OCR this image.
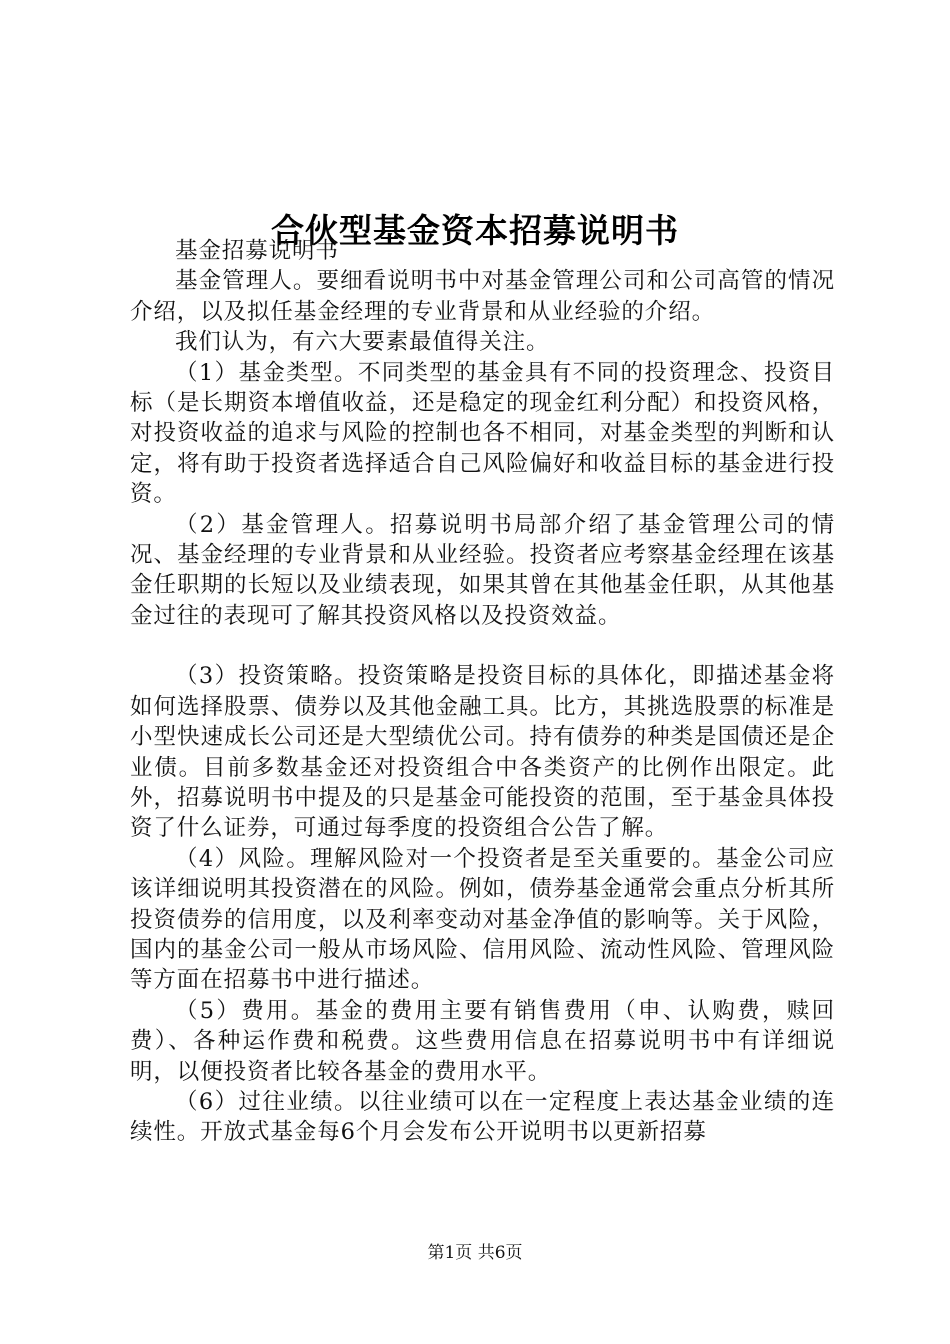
合伙型基金资本招募说明书

基金招募说明书

基金管理人。要细看说明书中对基金管理公司和公司高管的情况介绍，以及拟任基金经理的专业背景和从业经验的介绍。

我们认为，有六大要素最值得关注。

（1）基金类型。不同类型的基金具有不同的投资理念、投资目标（是长期资本增值收益，还是稳定的现金红利分配）和投资风格，对投资收益的追求与风险的控制也各不相同，对基金类型的判断和认定，将有助于投资者选择适合自己风险偏好和收益目标的基金进行投资。

（2）基金管理人。招募说明书局部介绍了基金管理公司的情况、基金经理的专业背景和从业经验。投资者应考察基金经理在该基金任职期的长短以及业绩表现，如果其曾在其他基金任职，从其他基金过往的表现可了解其投资风格以及投资效益。

（3）投资策略。投资策略是投资目标的具体化，即描述基金将如何选择股票、债券以及其他金融工具。比方，其挑选股票的标准是小型快速成长公司还是大型绩优公司。持有债券的种类是国债还是企业债。目前多数基金还对投资组合中各类资产的比例作出限定。此外，招募说明书中提及的只是基金可能投资的范围，至于基金具体投资了什么证券，可通过每季度的投资组合公告了解。

（4）风险。理解风险对一个投资者是至关重要的。基金公司应该详细说明其投资潜在的风险。例如，债券基金通常会重点分析其所投资债券的信用度，以及利率变动对基金净值的影响等。关于风险，国内的基金公司一般从市场风险、信用风险、流动性风险、管理风险等方面在招募书中进行描述。

（5）费用。基金的费用主要有销售费用（申、认购费，赎回费）、各种运作费和税费。这些费用信息在招募说明书中有详细说明，以便投资者比较各基金的费用水平。

（6）过往业绩。以往业绩可以在一定程度上表达基金业绩的连续性。开放式基金每6个月会发布公开说明书以更新招募

第1页 共6页
